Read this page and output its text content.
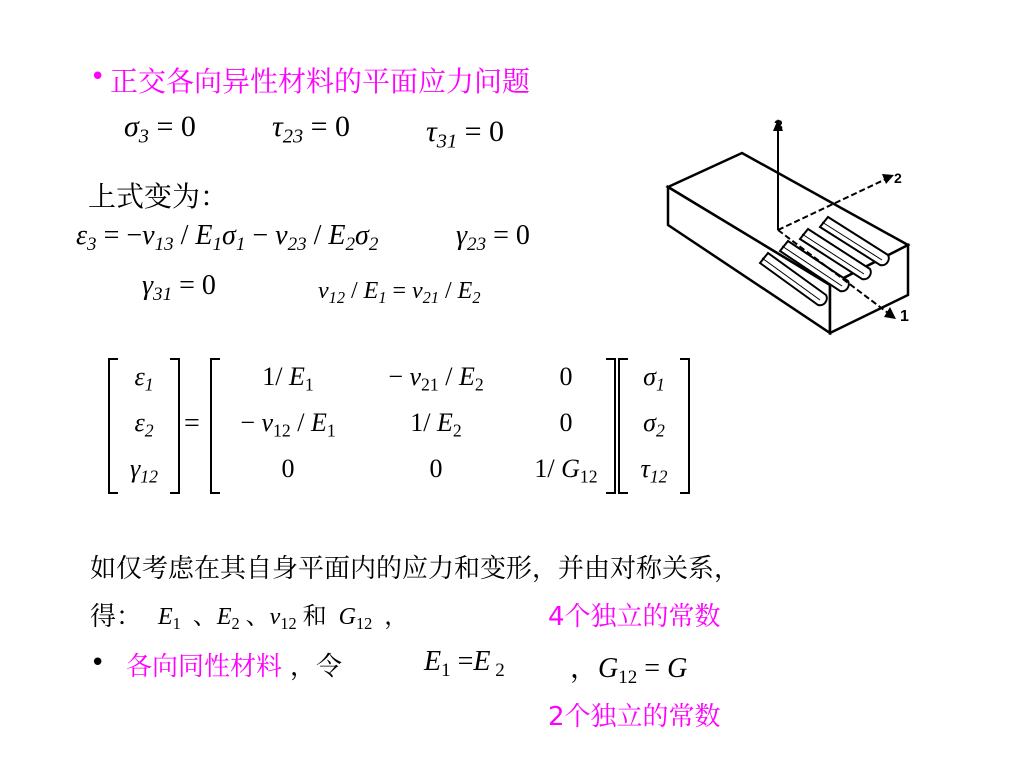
• 正交各向异性材料的平面应力问题
$\sigma_3 = 0$	$\tau_{23} = 0$	$\tau_{31} = 0$
上式变为：
$\varepsilon_3 = -\nu_{13} / E_1\sigma_1 - \nu_{23} / E_2\sigma_2$	$\gamma_{23} = 0$
$\gamma_{31} = 0$	$\nu_{12} / E_1 = \nu_{21} / E_2$
3
2
1
$\varepsilon_1$
$\varepsilon_2$
$\gamma_{12}$
=
1/ $E_1$	− $\nu_{21} / E_2$	0
− $\nu_{12} / E_1$	1/ $E_2$	0
0	0	1/ $G_{12}$
$\sigma_1$
$\sigma_2$
$\tau_{12}$
如仅考虑在其自身平面内的应力和变形，并由对称关系，
得： $E_1$  、$E_2$ 、$\nu_{12}$ 和 $G_{12}$  ，	4个独立的常数
• 各向同性材料 ，令	$E_1 =E$ $_2$ ，$G_{12} = G$
2个独立的常数
